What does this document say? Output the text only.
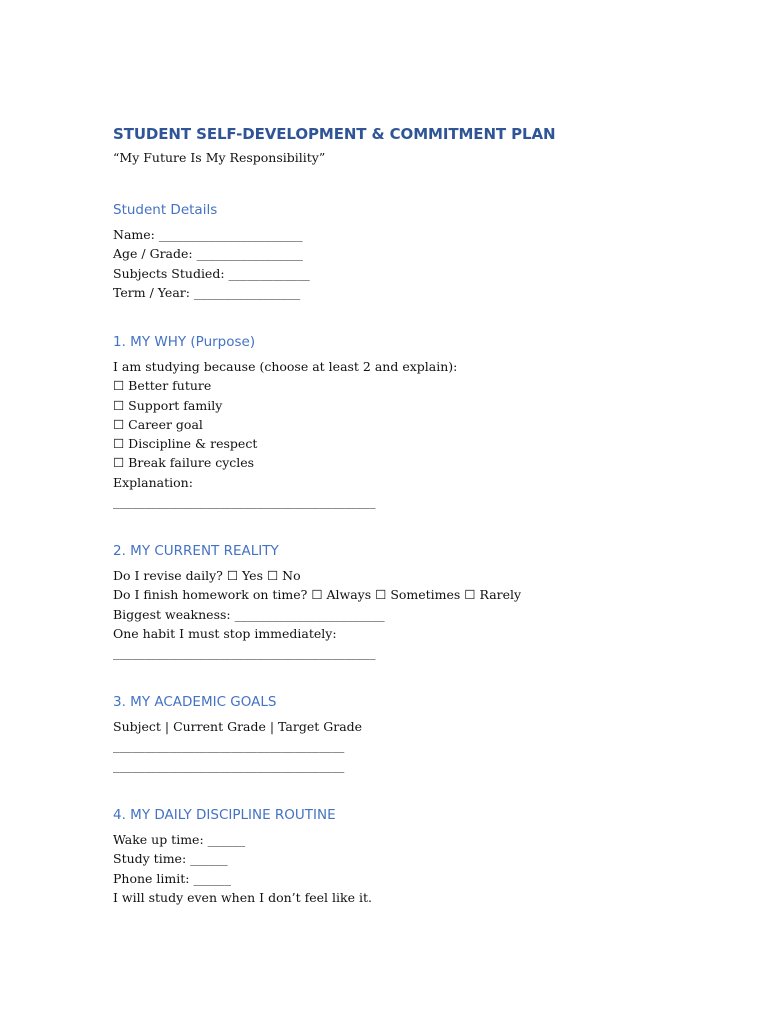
STUDENT SELF-DEVELOPMENT & COMMITMENT PLAN

“My Future Is My Responsibility”

Student Details

Name: _______________________

Age / Grade: _________________

Subjects Studied: _____________

Term / Year: _________________

1. MY WHY (Purpose)

I am studying because (choose at least 2 and explain):

☐ Better future

☐ Support family

☐ Career goal

☐ Discipline & respect

☐ Break failure cycles

Explanation:

__________________________________________

2. MY CURRENT REALITY

Do I revise daily? ☐ Yes ☐ No

Do I finish homework on time? ☐ Always ☐ Sometimes ☐ Rarely

Biggest weakness: ________________________

One habit I must stop immediately:

__________________________________________

3. MY ACADEMIC GOALS

Subject | Current Grade | Target Grade

_____________________________________

_____________________________________

4. MY DAILY DISCIPLINE ROUTINE

Wake up time: ______

Study time: ______

Phone limit: ______

I will study even when I don’t feel like it.
